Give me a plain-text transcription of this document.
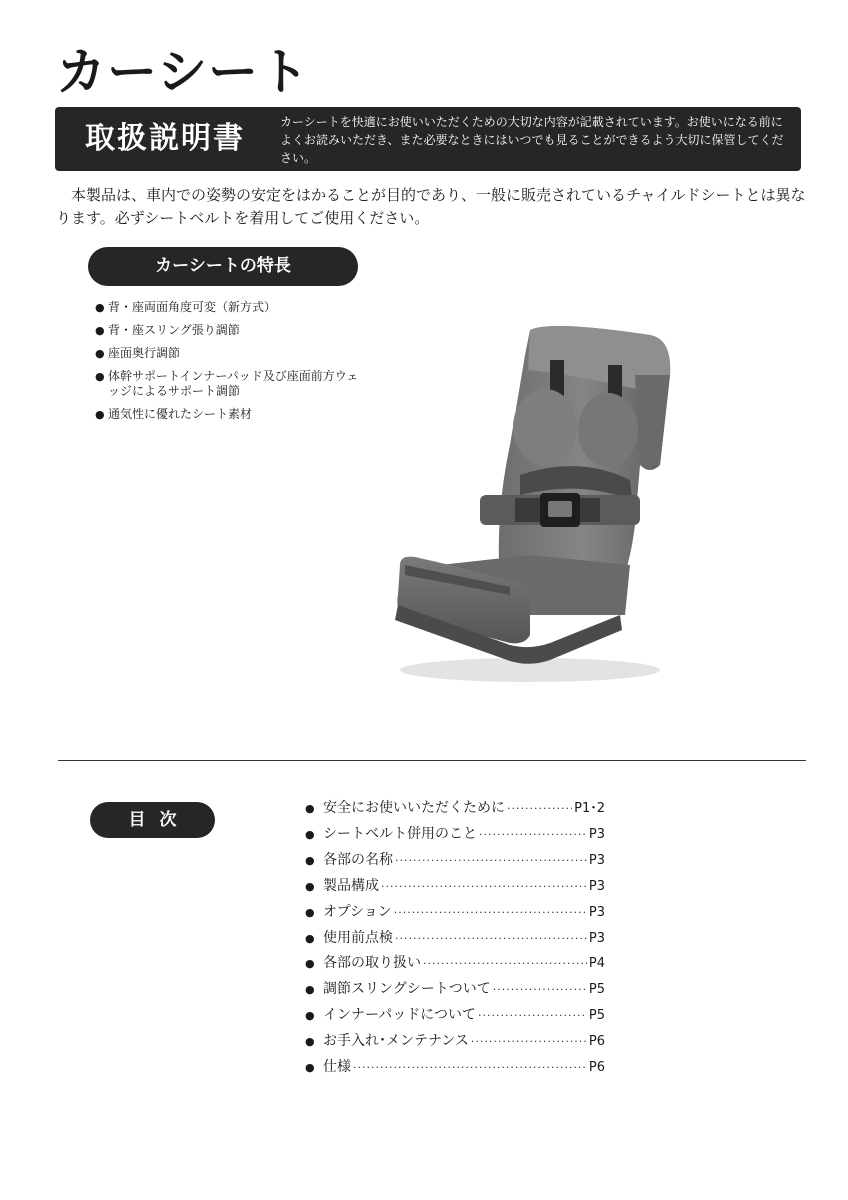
カーシート
取扱説明書	カーシートを快適にお使いいただくための大切な内容が記載されています。お使いになる前によくお読みいただき、また必要なときにはいつでも見ることができるよう大切に保管してください。

本製品は、車内での姿勢の安定をはかることが目的であり、一般に販売されているチャイルドシートとは異なります。必ずシートベルトを着用してご使用ください。

カーシートの特長
● 背・座両面角度可変（新方式）
● 背・座スリング張り調節
● 座面奥行調節
● 体幹サポートインナーパッド及び座面前方ウェッジによるサポート調節
● 通気性に優れたシート素材
目次
● 安全にお使いいただくために ·····	P1･2
● シートベルト併用のこと ·····	P3
● 各部の名称 ·····	P3
● 製品構成 ·····	P3
● オプション ·····	P3
● 使用前点検 ·····	P3
● 各部の取り扱い ·····	P4
● 調節スリングシートついて ·····	P5
● インナーパッドについて ·····	P5
● お手入れ･メンテナンス ·····	P6
● 仕様 ·····	P6
